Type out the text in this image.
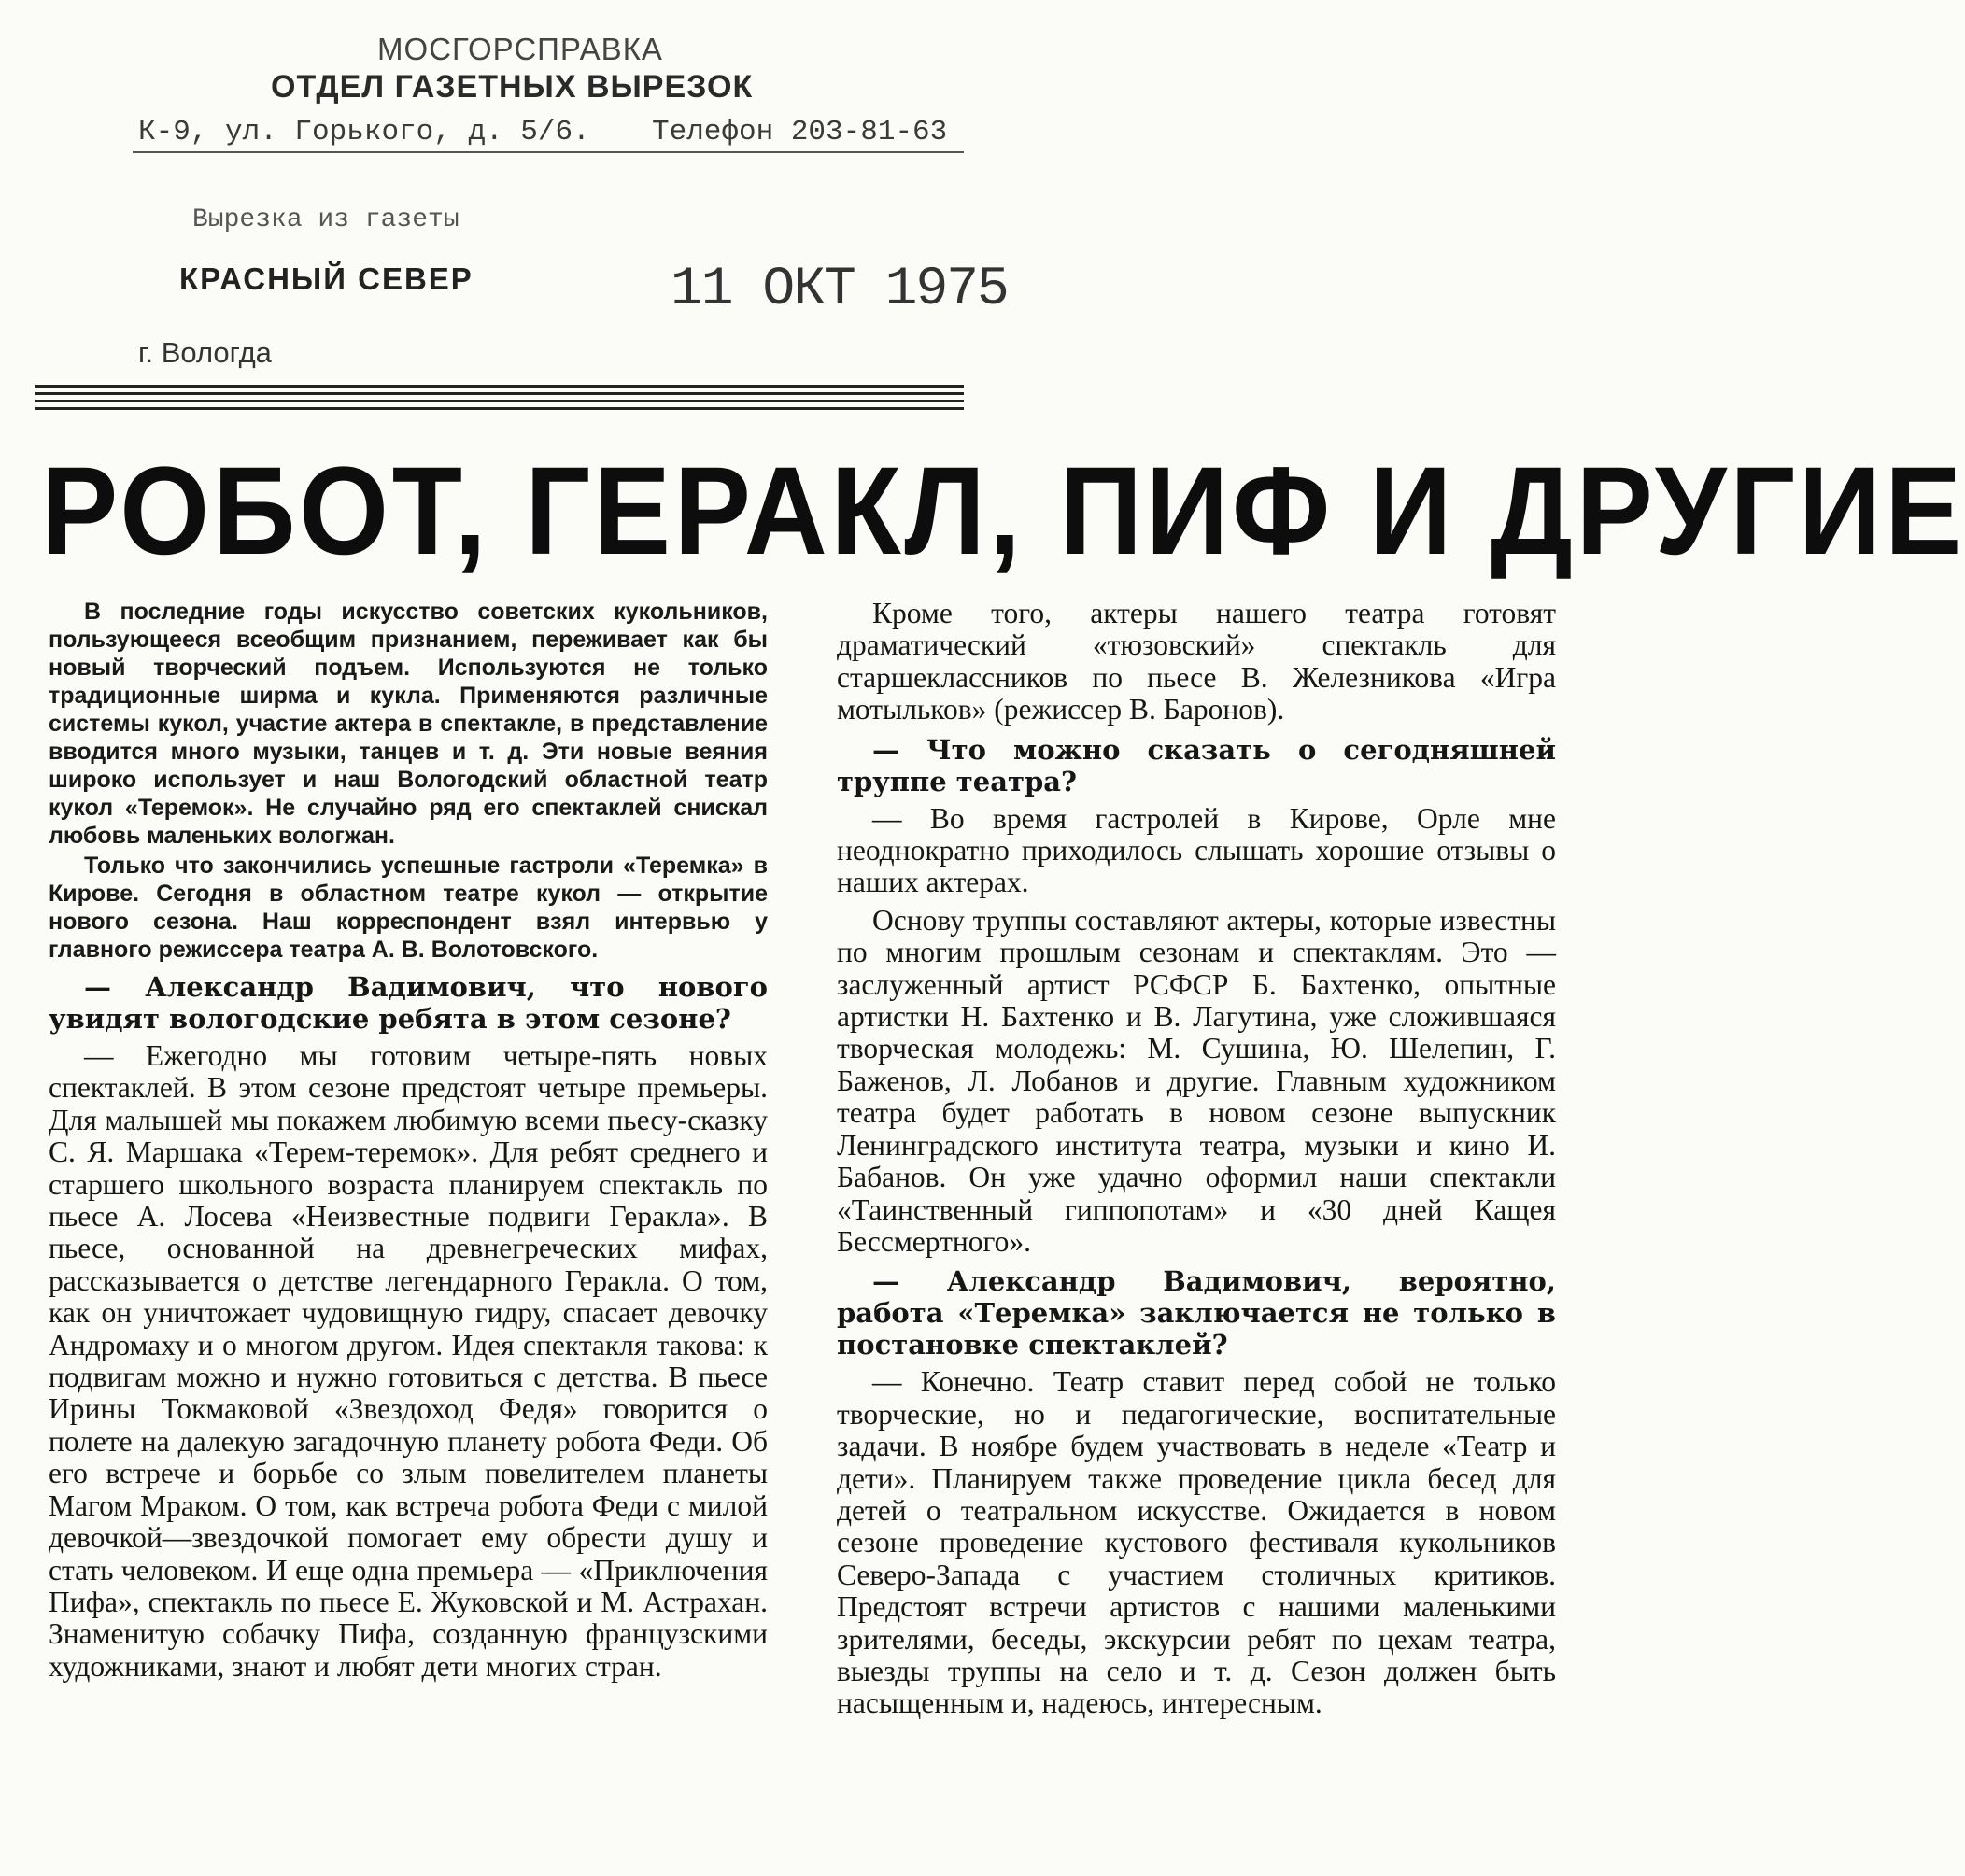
МОСГОРСПРАВКА
ОТДЕЛ ГАЗЕТНЫХ ВЫРЕЗОК
К-9, ул. Горького, д. 5/6. Телефон 203-81-63
Вырезка из газеты
КРАСНЫЙ СЕВЕР	11 ОКТ 1975
г. Вологда
РОБОТ, ГЕРАКЛ, ПИФ И ДРУГИЕ

В последние годы искусство советских кукольников, пользующееся всеобщим признанием, переживает как бы новый творческий подъем. Используются не только традиционные ширма и кукла. Применяются различные системы кукол, участие актера в спектакле, в представление вводится много музыки, танцев и т. д. Эти новые веяния широко использует и наш Вологодский областной театр кукол «Теремок». Не случайно ряд его спектаклей снискал любовь маленьких вологжан.

Только что закончились успешные гастроли «Теремка» в Кирове. Сегодня в областном театре кукол — открытие нового сезона. Наш корреспондент взял интервью у главного режиссера театра А. В. Волотовского.

— Александр Вадимович, что нового увидят вологодские ребята в этом сезоне?

— Ежегодно мы готовим четыре-пять новых спектаклей. В этом сезоне предстоят четыре премьеры. Для малышей мы покажем любимую всеми пьесу-сказку С. Я. Маршака «Терем-теремок». Для ребят среднего и старшего школьного возраста планируем спектакль по пьесе А. Лосева «Неизвестные подвиги Геракла». В пьесе, основанной на древнегреческих мифах, рассказывается о детстве легендарного Геракла. О том, как он уничтожает чудовищную гидру, спасает девочку Андромаху и о многом другом. Идея спектакля такова: к подвигам можно и нужно готовиться с детства. В пьесе Ирины Токмаковой «Звездоход Федя» говорится о полете на далекую загадочную планету робота Феди. Об его встрече и борьбе со злым повелителем планеты Магом Мраком. О том, как встреча робота Феди с милой девочкой—звездочкой помогает ему обрести душу и стать человеком. И еще одна премьера — «Приключения Пифа», спектакль по пьесе Е. Жуковской и М. Астрахан. Знаменитую собачку Пифа, созданную французскими художниками, знают и любят дети многих стран.

Кроме того, актеры нашего театра готовят драматический «тюзовский» спектакль для старшеклассников по пьесе В. Железникова «Игра мотыльков» (режиссер В. Баронов).

— Что можно сказать о сегодняшней труппе театра?

— Во время гастролей в Кирове, Орле мне неоднократно приходилось слышать хорошие отзывы о наших актерах.

Основу труппы составляют актеры, которые известны по многим прошлым сезонам и спектаклям. Это — заслуженный артист РСФСР Б. Бахтенко, опытные артистки Н. Бахтенко и В. Лагутина, уже сложившаяся творческая молодежь: М. Сушина, Ю. Шелепин, Г. Баженов, Л. Лобанов и другие. Главным художником театра будет работать в новом сезоне выпускник Ленинградского института театра, музыки и кино И. Бабанов. Он уже удачно оформил наши спектакли «Таинственный гиппопотам» и «30 дней Кащея Бессмертного».

— Александр Вадимович, вероятно, работа «Теремка» заключается не только в постановке спектаклей?

— Конечно. Театр ставит перед собой не только творческие, но и педагогические, воспитательные задачи. В ноябре будем участвовать в неделе «Театр и дети». Планируем также проведение цикла бесед для детей о театральном искусстве. Ожидается в новом сезоне проведение кустового фестиваля кукольников Северо-Запада с участием столичных критиков. Предстоят встречи артистов с нашими маленькими зрителями, беседы, экскурсии ребят по цехам театра, выезды труппы на село и т. д. Сезон должен быть насыщенным и, надеюсь, интересным.
